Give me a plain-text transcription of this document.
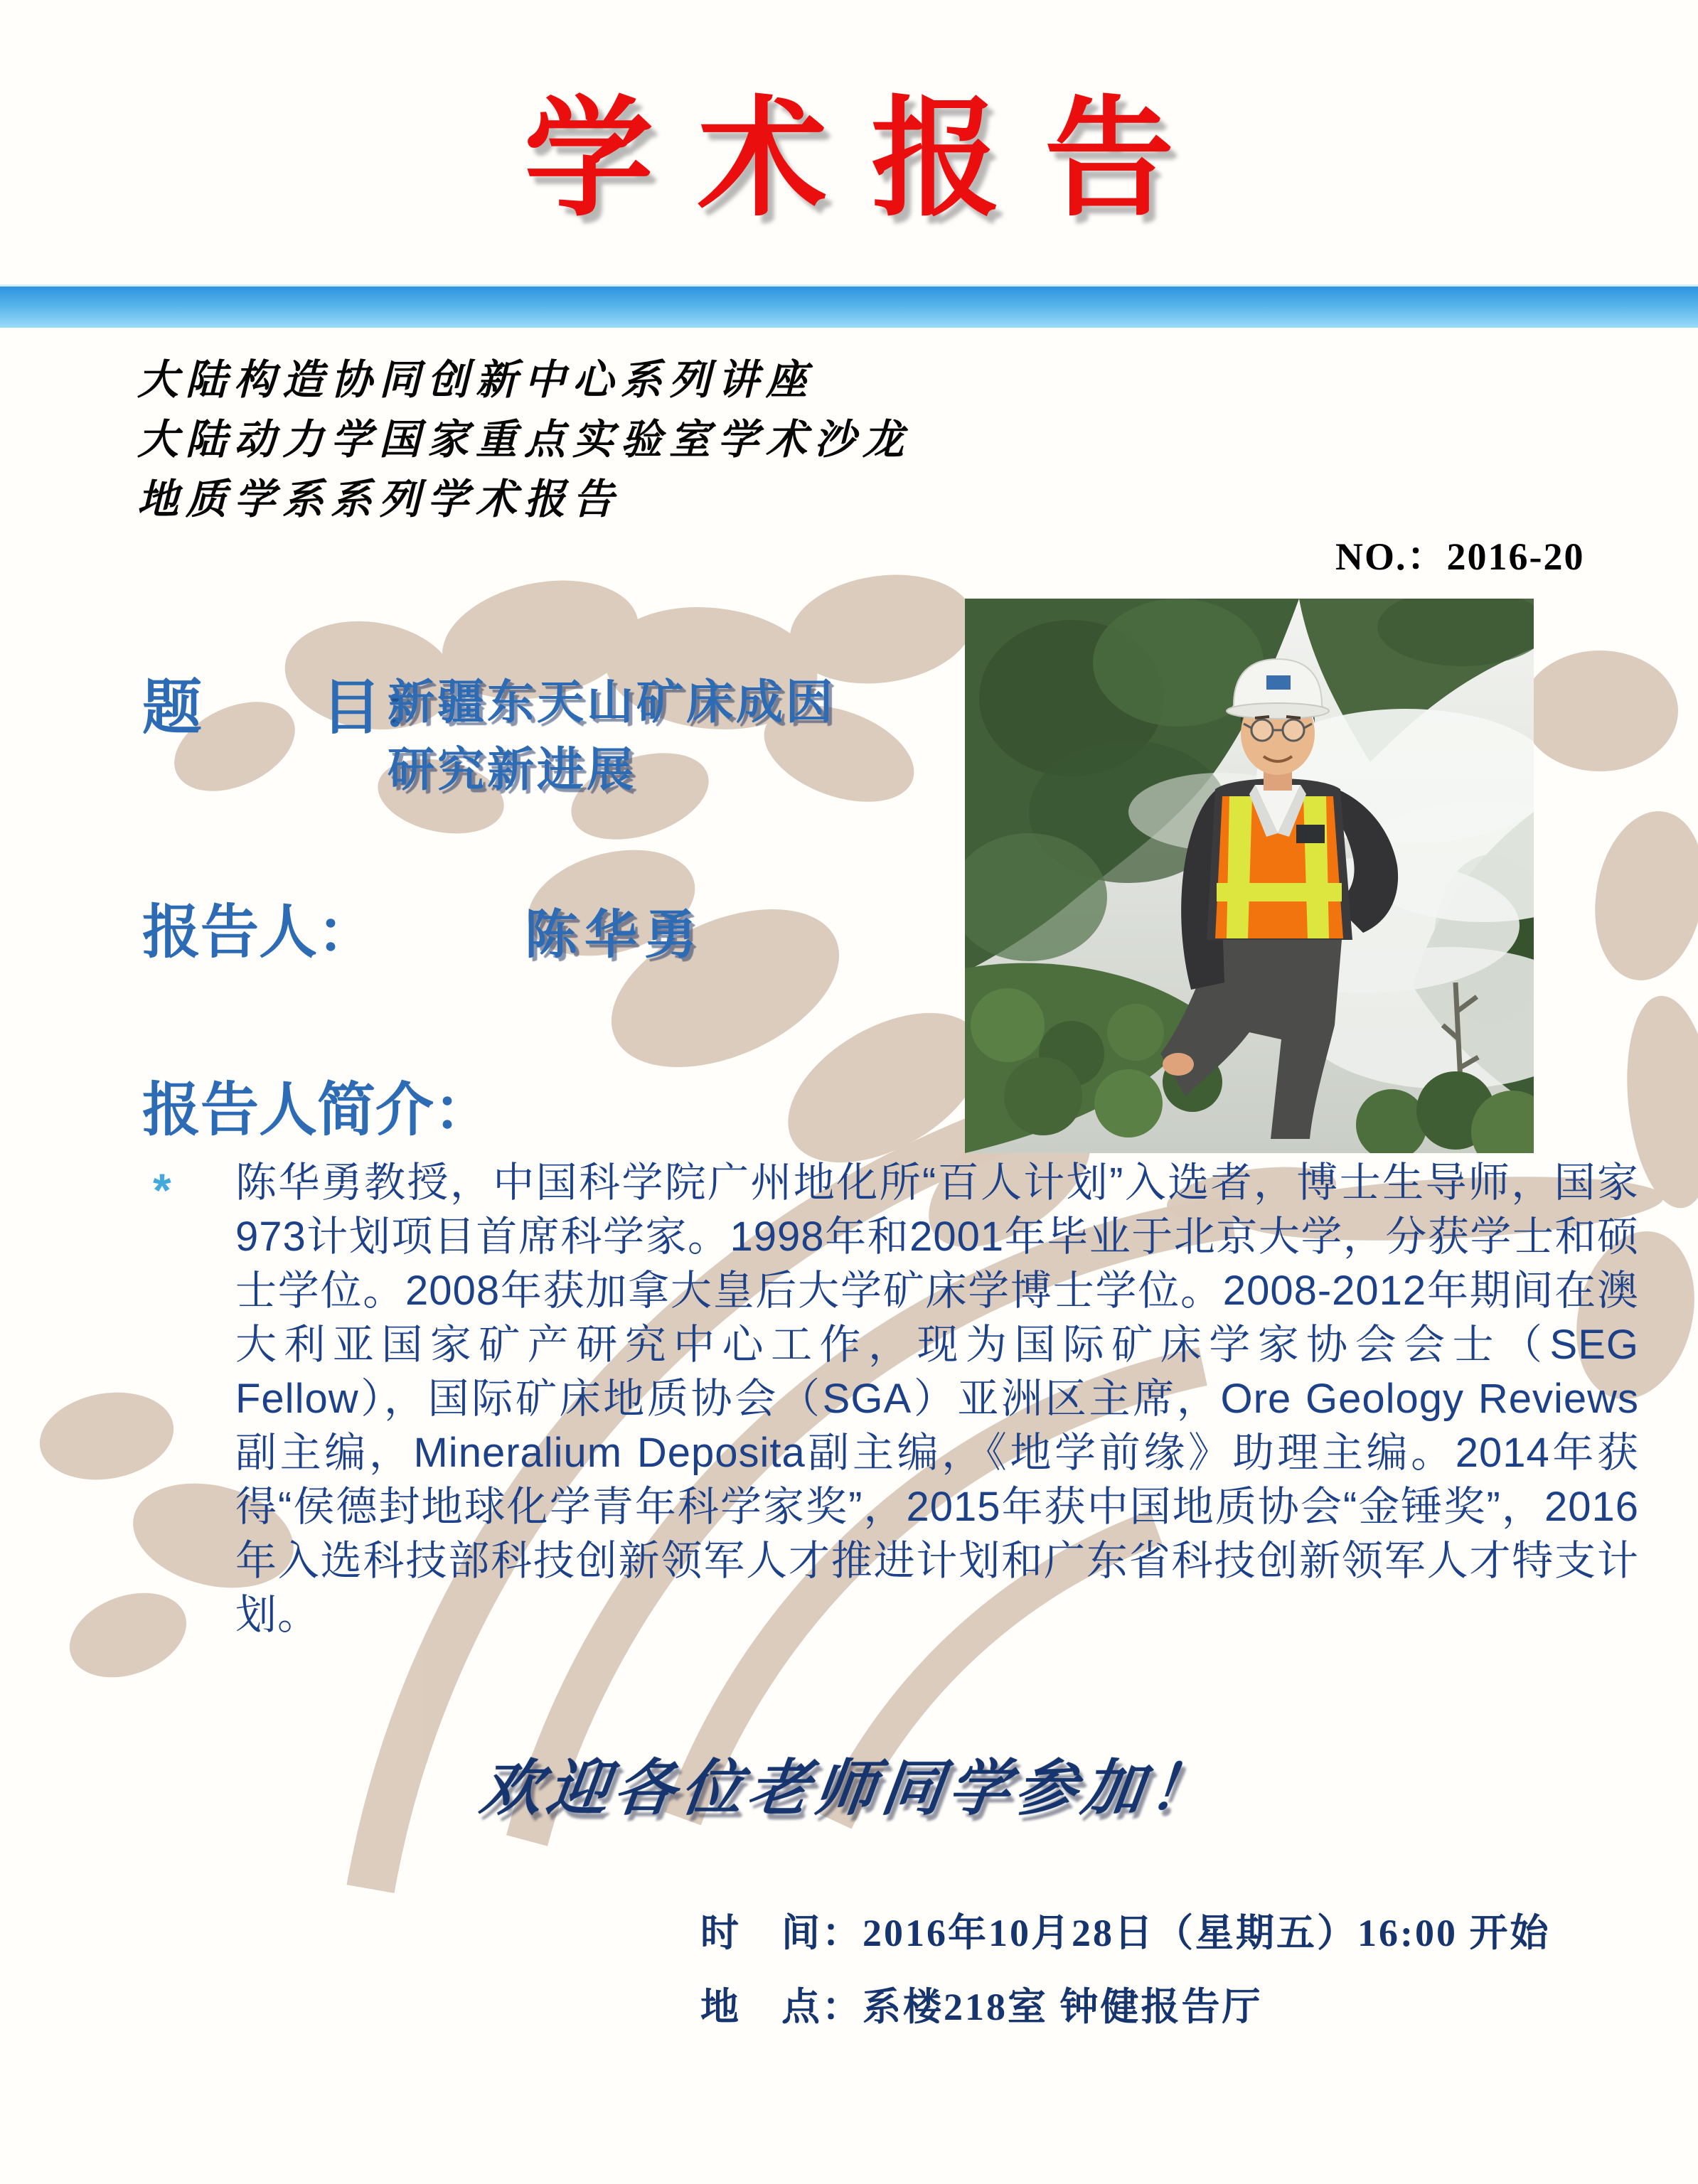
学术报告
大陆构造协同创新中心系列讲座
大陆动力学国家重点实验室学术沙龙
地质学系系列学术报告
NO.：2016-20
题　　目：
新疆东天山矿床成因
研究新进展
报告人：	陈华勇
报告人简介：
*	陈华勇教授，中国科学院广州地化所“百人计划”入选者，博士生导师，国家973计划项目首席科学家。1998年和2001年毕业于北京大学，分获学士和硕士学位。2008年获加拿大皇后大学矿床学博士学位。2008-2012年期间在澳大利亚国家矿产研究中心工作，现为国际矿床学家协会会士（SEG Fellow），国际矿床地质协会（SGA）亚洲区主席，Ore Geology Reviews副主编，Mineralium Deposita副主编，《地学前缘》助理主编。2014年获得“侯德封地球化学青年科学家奖”，2015年获中国地质协会“金锤奖”，2016年入选科技部科技创新领军人才推进计划和广东省科技创新领军人才特支计划。
欢迎各位老师同学参加！
时　间：2016年10月28日（星期五）16:00 开始
地　点：系楼218室 钟健报告厅
